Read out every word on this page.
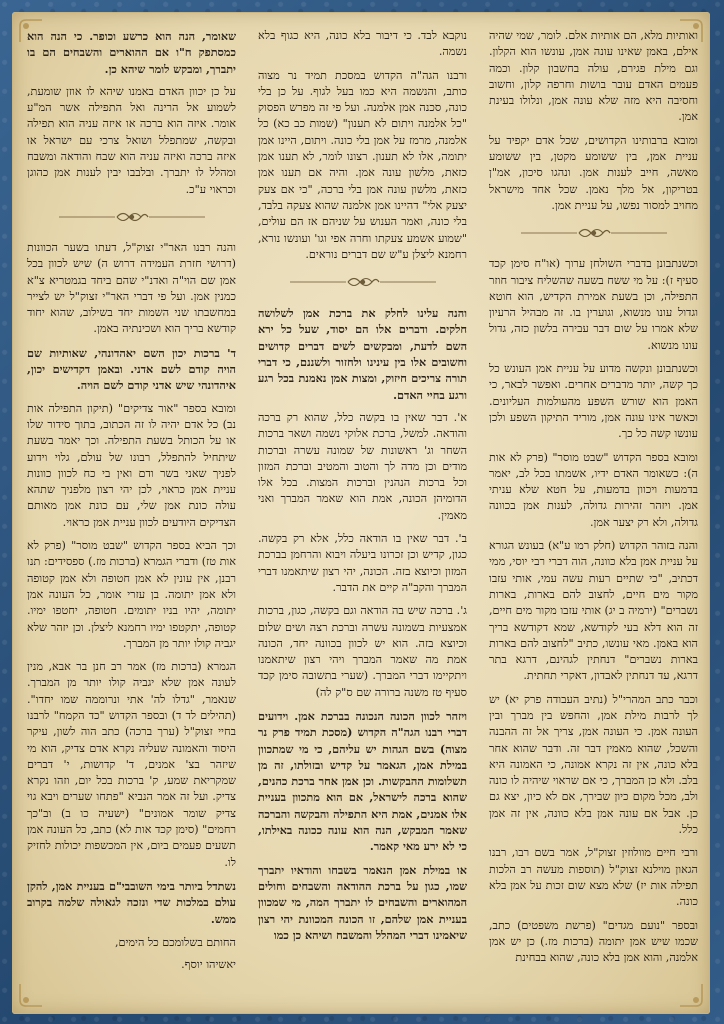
ואותיות מלא, הם אותיות אלם. לומר, שמי שהיה אילם, באמן שאינו עונה אמן, עונשו הוא הקלון. וגם מילת פגירם, עולה בחשבון קלון. וכמה פעמים האדם עובר בושות וחרפה קלון, וחשוב וחסיבה היא מזה שלא עונה אמן, ונלולו בעינת אמן.

ומובא ברבותינו הקדושים, שכל אדם יקפיד על עניית אמן, בין ששומע מקטן, בין ששומע מאשה, חייב לענות אמן. ונהגו סיכון, אמ"ן בטריקון, אל מלך נאמן. שכל אחד מישראל מחויב למסור נפשו, על עניית אמן.

וכשנתבונן בדברי השולחן ערוך (או"ח סימן קכד סעיף ז): על מי ששח בשעה שהשליח ציבור חוזר התפילה, וכן בשעת אמירת הקדיש, הוא חוטא וגדול עונו מנשוא, וגוערין בו. זה מבהיל הרעיון שלא אמרו על שום דבר עבירה בלשון כזה, גדול עונו מנשוא.

וכשנתבונן ונקשה מדוע על עניית אמן העונש כל כך קשה, יותר מדברים אחרים. ואפשר לבאר, כי האמן הוא שורש השפע מהעולמות העליונים. וכאשר אינו עונה אמן, מוריד התיקון השפע ולכן עונשו קשה כל כך.

ומובא בספר הקדוש "שבט מוסר" (פרק לא אות ה): כשאומר האדם ידיו, אשמתו בכל לב, יאמר בדמעות ויכוון בדמעות, על חטא שלא עניתי אמן. ויזהר זהירות גדולה, לענות אמן בכוונה גדולה, ולא רק יצער אמן.

והנה בזוהר הקדוש (חלק רמו ע"א) בעונש הגורא על עניית אמן בלא כוונה, הוה דברי רבי יוסי, ממי דכתיב, "כי שתיים רעות עשה עמי, אותי עזבו מקור מים חיים, לחצוב להם בארות, בארות נשברים" (ירמיה ב יג) אותי עזבו מקור מים חיים, זה הוא דלא בעי לקודשא, שמא דקודשא בריך הוא באמן. מאי עונשו, כתיב "לחצוב להם בארות בארות נשברים" דנחתין לגהינם, דרגא בתר דרגא, עד דנחתין לאבדון, דאקרי תחתית.

וכבר כתב המהרי"ל (נתיב העבודה פרק יא) יש לך לרבות מילת אמן, והחפש בין מברך ובין העונה אמן. כי העונה אמן, צריך אל זה ההבנה והשכל, שהוא מאמין דבר זה. ודבר שהוא אחר בלא כונה, אין זה נקרא אמונה, כי האמונה היא בלב. ולא כן המברך, כי אם שראוי שיהיה לו כונה ולב, מכל מקום כיון שבירך, אם לא כיון, יצא גם כן. אבל אם עונה אמן בלא כוונה, אין זה אמן כלל.

ורבי חיים מוולוזין זצוק"ל, אמר בשם רבו, רבנו הגאון מוילנא זצוק"ל (תוספות מעשה רב הלכות תפילה אות יז) שלא מצא שום זכות על אמן בלא כונה.

ובספר "נועם מגדים" (פרשת משפטים) כתב, שכמו שיש אמן יתומה (ברכות מז.) כן יש אמן אלמנה, והוא אמן בלא כונה, שהוא בבחינת

נוקבא לבד. כי דיבור בלא כונה, היא כגוף בלא נשמה.

ורבנו הגה"ה הקדוש במסכת תמיד נר מצוה כותב, והנשמה היא כמו בעל לגוף. על כן בלי כונה, סכנה אמן אלמנה. ועל פי זה מפרש הפסוק "כל אלמנה ויתום לא תענון" (שמות כב כא) כל אלמנה, מרמז על אמן בלי כונה. ויתום, היינו אמן יתומה, אלו לא תענון. רצונו לומר, לא תענו אמן כזאת, מלשון עונה אמן. והיה אם תענו אמן כזאת, מלשון עונה אמן בלי ברכה, "כי אם צעק יצעק אלי" דהיינו אמן אלמנה שהוא צעקה בלבד, בלי כונה, ואמר הענוש על שניהם אז הם עולים, "שמוע אשמע צעקתו וחרה אפי וגו' ועונשו נורא, רחמנא ליצלן ע"ש שם דברים נוראים.

והנה עלינו לחלק את ברכת אמן לשלושה חלקים. ודברים אלו הם יסוד, שעל כל ירא השם לדעת, ומבקשים לשים דברים קדושים וחשובים אלו בין עינינו ולחזור ולשננם, כי דברי תורה צריכים חיזוק, ומצות אמן נאמנת בכל רגע ורגע בחיי האדם.

א'. דבר שאין בו בקשה כלל, שהוא רק ברכה והודאה. למשל, ברכת אלוקי נשמה ושאר ברכות השחר וג' ראשונות של שמונה עשרה וברכות מודים וכן מדה לך והטוב והמטיב וברכת המזון וכל ברכות הנהנין וברכות המצות. בכל אלו הדומיהן הכונה, אמת הוא שאמר המברך ואני מאמין.

ב'. דבר שאין בו הודאה כלל, אלא רק בקשה. כגון, קדיש וכן זכרונו ביעלה ויבוא והרחמן בברכת המזון וכיוצא בזה. הכונה, יהי רצון שיתאמנו דברי המברך והקב"ה קיים את הדבר.

ג'. ברכה שיש בה הודאה וגם בקשה, כגון, ברכות אמצעיות בשמונה עשרה וברכת רצה ושים שלום וכיוצא בזה. הוא יש לכוון בכוונה יחד, הכונה אמת מה שאמר המברך ויהי רצון שיתאמנו ויתקיימו דברי המברך. (שערי בתשובה סימן קכד סעיף טז משנה ברורה שם ס"ק לה)

ויזהר לכוון הכונה הנכונה בברכת אמן. וידועים דברי רבנו הגה"ה הקדוש (מסכת תמיד פרק נר מצוה) בשם הגהות יש עליהם, כי מי שמתכוון במילת אמן, הגאמר על קדיש ובזולתו, זה מן תשלומות ההבקשות. וכן אמן אחר ברכת כהנים, שהוא ברכה לישראל, אם הוא מתכוון בעניית אלו אמנים, אמת היא התפילה והבקשה והברכה שאמר המבקש, הנה הוא עונה ככונה באילתו, כי לא ירע מאי קאמר.

או במילת אמן הנאמר בשבחו והודאיו יתברך שמו, כגון על ברכת ההודאה והשבחים וחולים המהוארים והשבחים לו יתברך המה, מי שמכוון בעניית אמן שלהם, זו הכונה המכוונת יהי רצון שיאמינו דברי המהלל והמשבח ושיהא כן כמו

שאומר, הנה הוא כרשע וכופר. כי הנה הוא כמסתפק ח"ו אם ההוארים והשבחים הם בו יתברך, ומבקש לומר שיהא כן.

על כן יכוון האדם באמנו שיהא לו אוזן שומעת, לשמוע אל הרינה ואל התפילה אשר המ"ע אומר. איזה הוא ברכה או איזה עניה הוא תפילה ובקשה, שמתפלל ושואל צרכי עם ישראל או איזה ברכה ואיזה עניה הוא שבח והודאה ומשבח ומהלל לו יתברך. ובלבבו יבין לענות אמן כהוגן וכראוי ע"כ.

והנה רבנו האר"י זצוק"ל, דעתו בשער הכוונות (דרושי חזרת העמידה דרוש ה) שיש לכוון בכל אמן שם הוי"ה ואדנ"י שהם ביחד בגמטריא צ"א כמנין אמן. ועל פי דברי האר"י זצוק"ל יש לצייר במחשבתו שני השמות יחד בשילוב, שהוא יחוד קודשא בריך הוא ושכינתיה באמן.

ד' ברכות יכון השם יאהדונהי, שאותיות שם הויה קודם לשם אדני. ובאמן דקדישים יכון, איהדונהי שיש אדני קודם לשם הויה.

ומובא בספר "אור צדיקים" (תיקון התפילה אות נב) כל אדם יהיה לו זה הכתוב, בתוך סידור שלו או על הכותל בשעת התפילה. וכך יאמר בשעת שיתחיל להתפלל, רבונו של עולם, גלוי וידוע לפניך שאני בשר ודם ואין בי כח לכוון כוונות עניית אמן כראוי, לכן יהי רצון מלפניך שתהא עולה כונת אמן שלי, עם כונת אמן מאותם הצדיקים היודעים לכוון עניית אמן כראוי.

וכך הביא בספר הקדוש "שבט מוסר" (פרק לא אות טז) ודברי הגמרא (ברכות מז.) ספסידים: תנו רבנן, אין עונין לא אמן חטופה ולא אמן קטופה ולא אמן יתומה. בן עזרי אומר, כל העונה אמן יתומה, יהיו בניו יתומים. חטופה, יחטפו ימיו. קטופה, יתקטפו ימיו רחמנא ליצלן. וכן יזהר שלא יגביה קולו יותר מן המברך.

הגמרא (ברכות מז) אמר רב חנן בר אבא, מנין לעונה אמן שלא יגביה קולו יותר מן המברך. שנאמר, "גדלו לה' אתי ונרוממה שמו יחדו". (תהילים לד ד) ובספר הקדוש "כד הקמח" לרבנו בחיי זצוק"ל (ערך ברכה) כתב הוה לשון, עיקר היסוד והאמונה שעליה נקרא אדם צדיק, הוא מי שיזהר בצ' אמנים, ד' קדושות, י' דברים שמקריאת שמע, ק' ברכות בכל יום, וזהו נקרא צדיק. ועל זה אמר הנביא "פתחו שערים ויבא גוי צדיק שומר אמונים" (ישעיה כו ב) וב"כך רחמים" (סימן קכד אות לא) כתב, כל העונה אמן תשעים פעמים ביום, אין המכשפות יכולות לחזיק לו.

נשתדל ביותר בימי השובבי"ם בעניית אמן, להקן עולם במלכות שדי ונזכה לגאולה שלמה בקרוב ממש.

החותם בשלומכם כל הימים,
יאשיהו יוסף.
